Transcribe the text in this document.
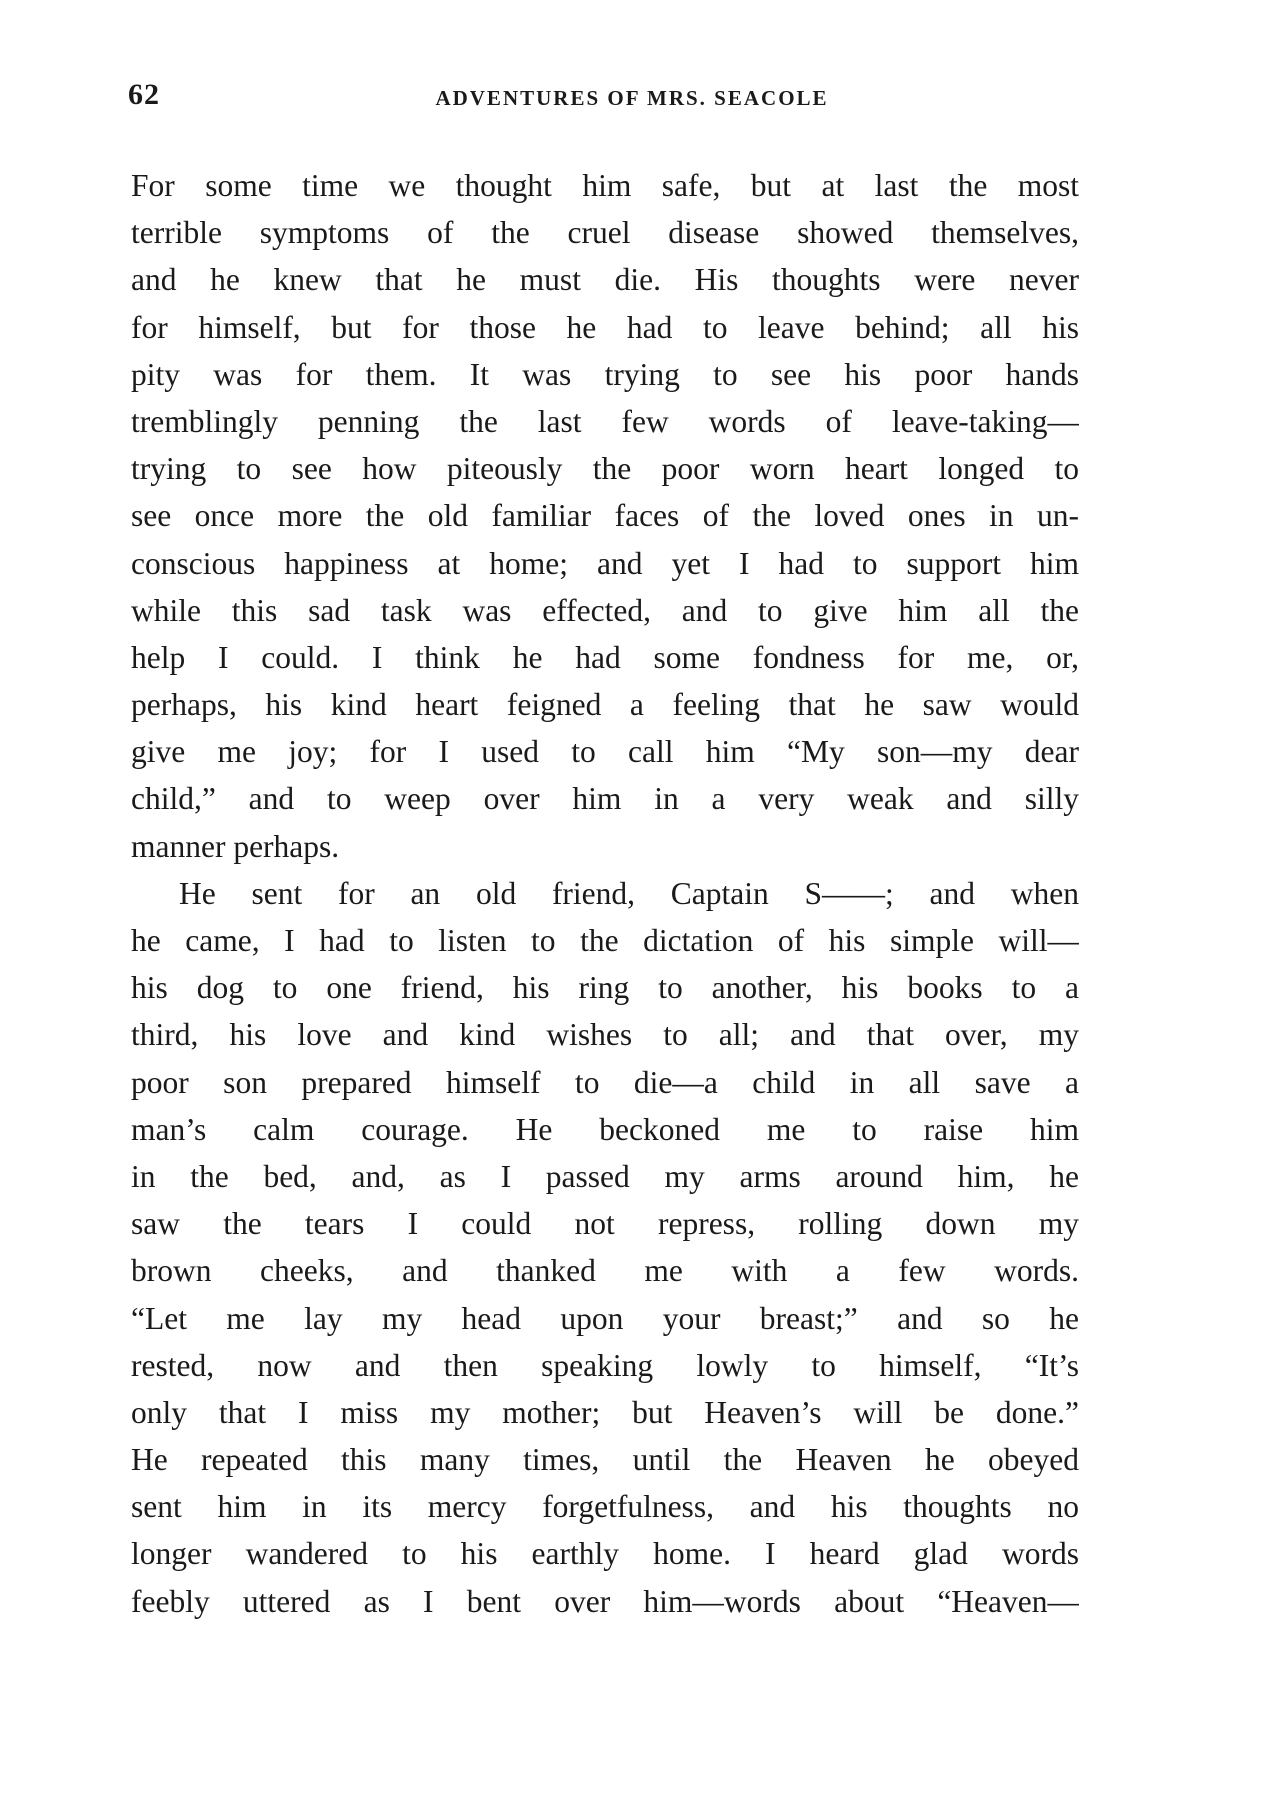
62	ADVENTURES OF MRS. SEACOLE
For some time we thought him safe, but at last the most
terrible symptoms of the cruel disease showed themselves,
and he knew that he must die. His thoughts were never
for himself, but for those he had to leave behind; all his
pity was for them. It was trying to see his poor hands
tremblingly penning the last few words of leave-taking—
trying to see how piteously the poor worn heart longed to
see once more the old familiar faces of the loved ones in un-
conscious happiness at home; and yet I had to support him
while this sad task was effected, and to give him all the
help I could. I think he had some fondness for me, or,
perhaps, his kind heart feigned a feeling that he saw would
give me joy; for I used to call him “My son—my dear
child,” and to weep over him in a very weak and silly
manner perhaps.
He sent for an old friend, Captain S——; and when
he came, I had to listen to the dictation of his simple will—
his dog to one friend, his ring to another, his books to a
third, his love and kind wishes to all; and that over, my
poor son prepared himself to die—a child in all save a
man’s calm courage. He beckoned me to raise him
in the bed, and, as I passed my arms around him, he
saw the tears I could not repress, rolling down my
brown cheeks, and thanked me with a few words.
“Let me lay my head upon your breast;” and so he
rested, now and then speaking lowly to himself, “It’s
only that I miss my mother; but Heaven’s will be done.”
He repeated this many times, until the Heaven he obeyed
sent him in its mercy forgetfulness, and his thoughts no
longer wandered to his earthly home. I heard glad words
feebly uttered as I bent over him—words about “Heaven—
